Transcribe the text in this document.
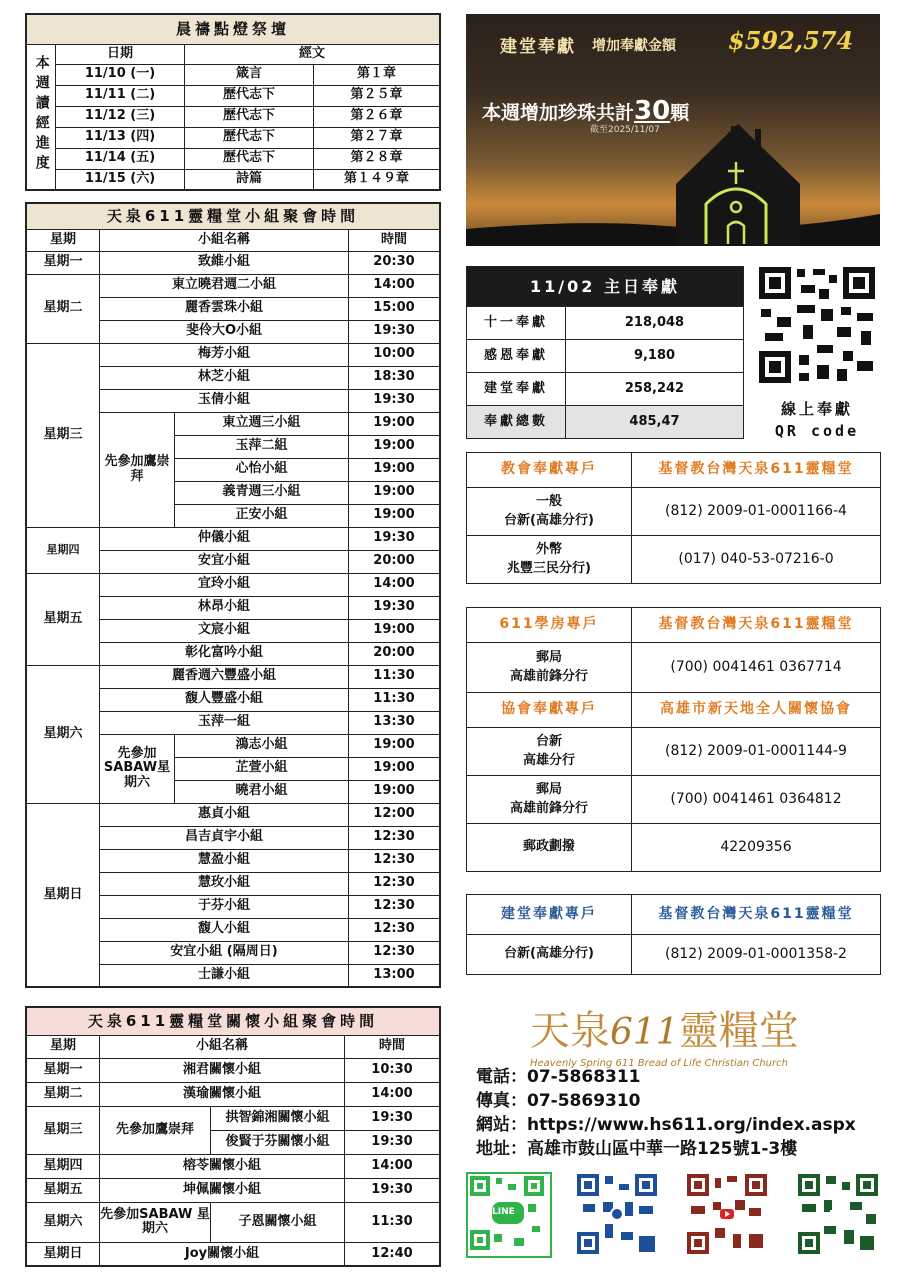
晨禱點燈祭壇			
本週讀經進度	日期	經文	
	11/10 (一)	箴言	第１章
	11/11 (二)	歷代志下	第２５章
	11/12 (三)	歷代志下	第２６章
	11/13 (四)	歷代志下	第２７章
	11/14 (五)	歷代志下	第２８章
	11/15 (六)	詩篇	第１４９章
天泉611靈糧堂小組聚會時間			
星期	小組名稱		時間
星期一	致維小組		20:30
星期二	東立曉君週二小組		14:00
	麗香雲珠小組		15:00
	斐伶大O小組		19:30
星期三	梅芳小組		10:00
	林芝小組		18:30
	玉倩小組		19:30
	先參加鷹崇拜	東立週三小組	19:00
		玉萍二組	19:00
		心怡小組	19:00
		義青週三小組	19:00
		正安小組	19:00
星期四	仲儀小組		19:30
	安宜小組		20:00
星期五	宜玲小組		14:00
	林昂小組		19:30
	文宸小組		19:00
	彰化富吟小組		20:00
星期六	麗香週六豐盛小組		11:30
	馥人豐盛小組		11:30
	玉萍一組		13:30
	先參加SABAW星期六	鴻志小組	19:00
		芷萱小組	19:00
		曉君小組	19:00
星期日	惠貞小組		12:00
	昌吉貞宇小組		12:30
	慧盈小組		12:30
	慧玫小組		12:30
	于芬小組		12:30
	馥人小組		12:30
	安宜小組 (隔周日)		12:30
	士謙小組		13:00
天泉611靈糧堂關懷小組聚會時間			
星期	小組名稱		時間
星期一	湘君關懷小組		10:30
星期二	漢瑜關懷小組		14:00
星期三	先參加鷹崇拜	拱智錦湘關懷小組	19:30
		俊賢于芬關懷小組	19:30
星期四	榕苓關懷小組		14:00
星期五	坤佩關懷小組		19:30
星期六	先參加SABAW 星期六	子恩關懷小組	11:30
星期日	Joy關懷小組		12:40
建堂奉獻 增加奉獻金額 $592,574
本週增加珍珠共計30顆
截至2025/11/07
11/02 主日奉獻	
十一奉獻	218,048
感恩奉獻	9,180
建堂奉獻	258,242
奉獻總數	485,47
線上奉獻
QR code
教會奉獻專戶	基督教台灣天泉611靈糧堂

一般
台新(高雄分行)	(812) 2009-01-0001166-4

外幣
兆豐三民分行)	(017) 040-53-07216-0
611學房專戶	基督教台灣天泉611靈糧堂

郵局
高雄前鋒分行	(700) 0041461 0367714
協會奉獻專戶	高雄市新天地全人關懷協會

台新
高雄分行	(812) 2009-01-0001144-9

郵局
高雄前鋒分行	(700) 0041461 0364812
郵政劃撥	42209356
建堂奉獻專戶	基督教台灣天泉611靈糧堂
台新(高雄分行)	(812) 2009-01-0001358-2
天泉611靈糧堂
Heavenly Spring 611 Bread of Life Christian Church
電話：07-5868311
傳真：07-5869310
網站：https://www.hs611.org/index.aspx
地址：高雄市鼓山區中華一路125號1-3樓
LINE
